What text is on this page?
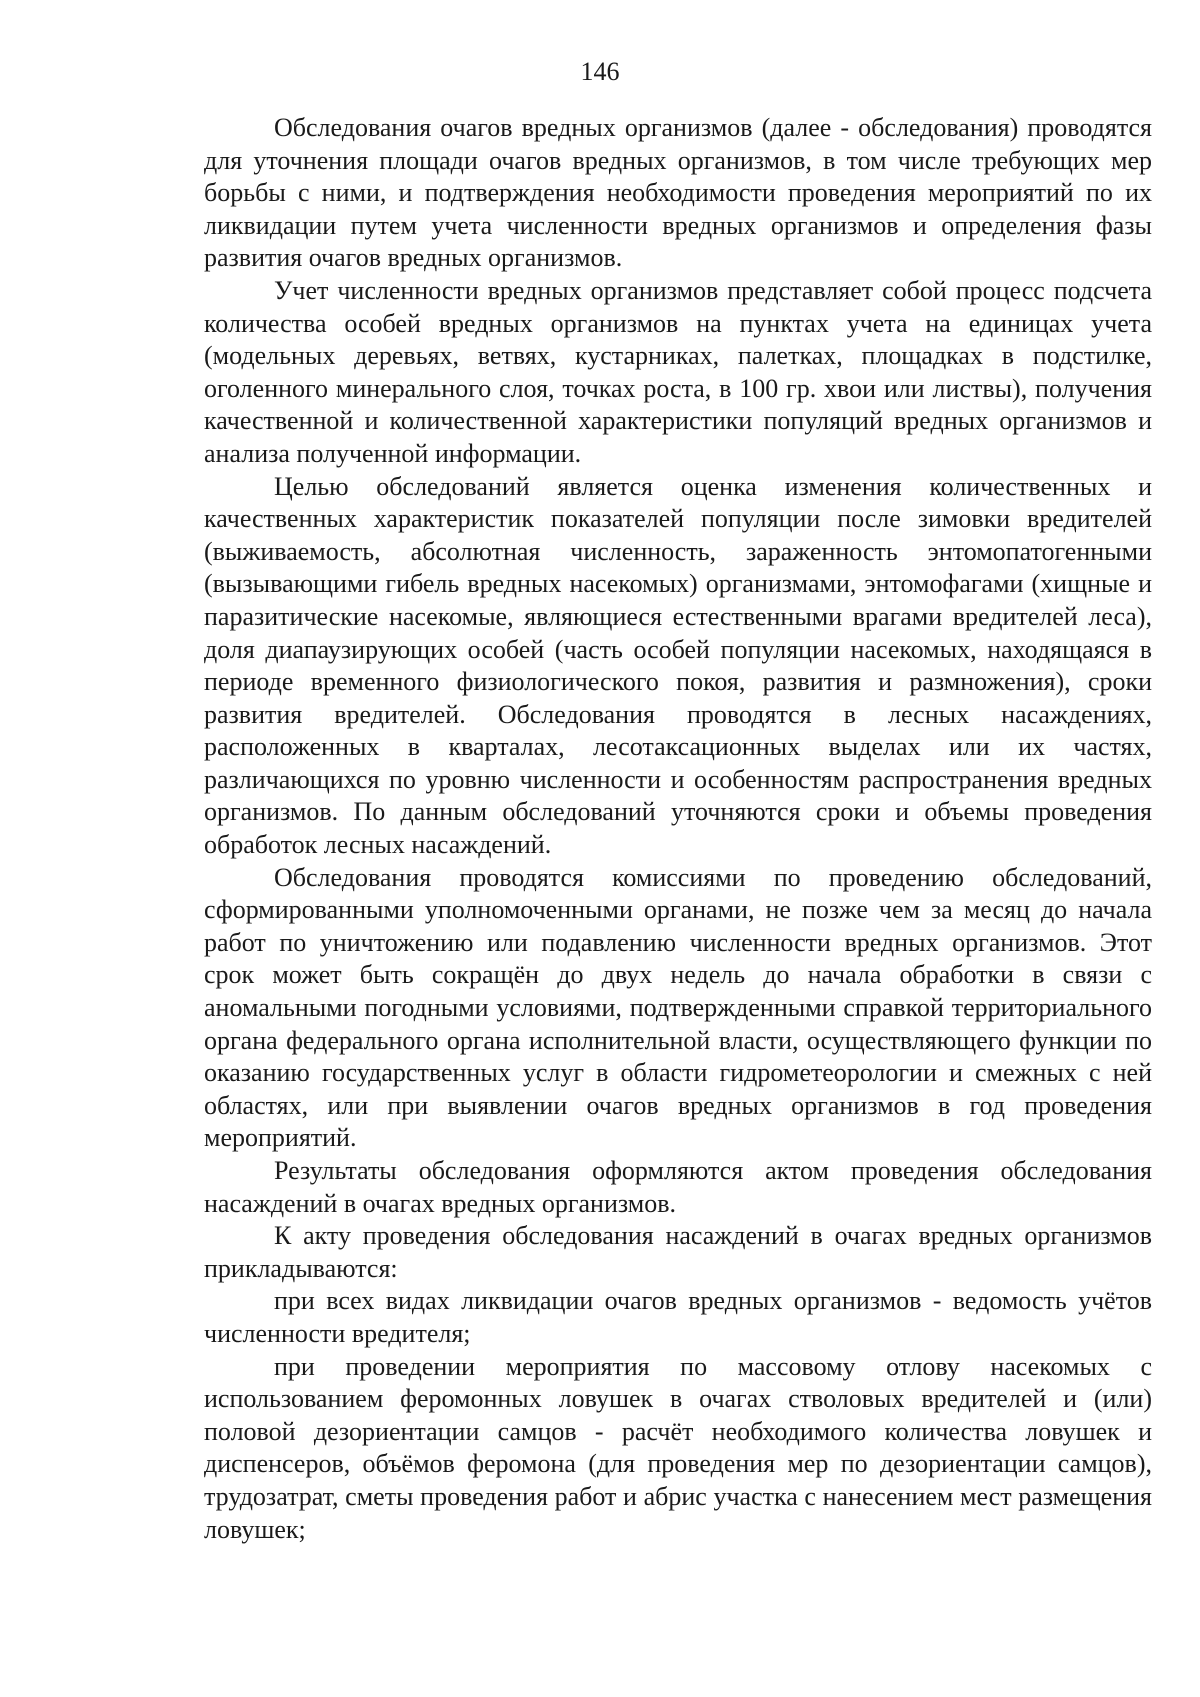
146

Обследования очагов вредных организмов (далее - обследования) проводятся для уточнения площади очагов вредных организмов, в том числе требующих мер борьбы с ними, и подтверждения необходимости проведения мероприятий по их ликвидации путем учета численности вредных организмов и определения фазы развития очагов вредных организмов.

Учет численности вредных организмов представляет собой процесс подсчета количества особей вредных организмов на пунктах учета на единицах учета (модельных деревьях, ветвях, кустарниках, палетках, площадках в подстилке, оголенного минерального слоя, точках роста, в 100 гр. хвои или листвы), получения качественной и количественной характеристики популяций вредных организмов и анализа полученной информации.

Целью обследований является оценка изменения количественных и качественных характеристик показателей популяции после зимовки вредителей (выживаемость, абсолютная численность, зараженность энтомопатогенными (вызывающими гибель вредных насекомых) организмами, энтомофагами (хищные и паразитические насекомые, являющиеся естественными врагами вредителей леса), доля диапаузирующих особей (часть особей популяции насекомых, находящаяся в периоде временного физиологического покоя, развития и размножения), сроки развития вредителей. Обследования проводятся в лесных насаждениях, расположенных в кварталах, лесотаксационных выделах или их частях, различающихся по уровню численности и особенностям распространения вредных организмов. По данным обследований уточняются сроки и объемы проведения обработок лесных насаждений.

Обследования проводятся комиссиями по проведению обследований, сформированными уполномоченными органами, не позже чем за месяц до начала работ по уничтожению или подавлению численности вредных организмов. Этот срок может быть сокращён до двух недель до начала обработки в связи с аномальными погодными условиями, подтвержденными справкой территориального органа федерального органа исполнительной власти, осуществляющего функции по оказанию государственных услуг в области гидрометеорологии и смежных с ней областях, или при выявлении очагов вредных организмов в год проведения мероприятий.

Результаты обследования оформляются актом проведения обследования насаждений в очагах вредных организмов.

К акту проведения обследования насаждений в очагах вредных организмов прикладываются:

при всех видах ликвидации очагов вредных организмов - ведомость учётов численности вредителя;

при проведении мероприятия по массовому отлову насекомых с использованием феромонных ловушек в очагах стволовых вредителей и (или) половой дезориентации самцов - расчёт необходимого количества ловушек и диспенсеров, объёмов феромона (для проведения мер по дезориентации самцов), трудозатрат, сметы проведения работ и абрис участка с нанесением мест размещения ловушек;
